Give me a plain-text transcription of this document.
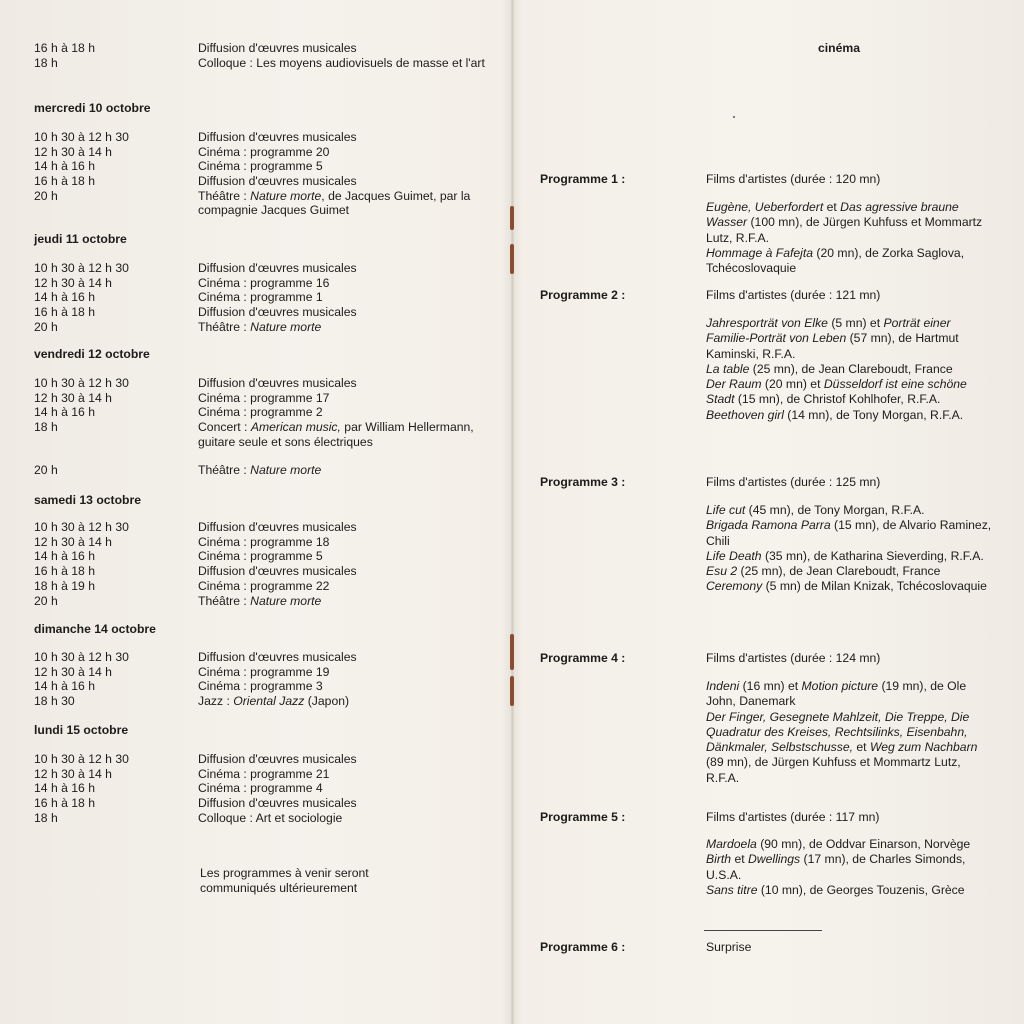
16 h à 18 h	Diffusion d'œuvres musicales
18 h	Colloque : Les moyens audiovisuels de masse et l'art
mercredi 10 octobre
10 h 30 à 12 h 30	Diffusion d'œuvres musicales
12 h 30 à 14 h	Cinéma : programme 20
14 h à 16 h	Cinéma : programme 5
16 h à 18 h	Diffusion d'œuvres musicales
20 h	Théâtre : Nature morte, de Jacques Guimet, par la compagnie Jacques Guimet
jeudi 11 octobre
10 h 30 à 12 h 30	Diffusion d'œuvres musicales
12 h 30 à 14 h	Cinéma : programme 16
14 h à 16 h	Cinéma : programme 1
16 h à 18 h	Diffusion d'œuvres musicales
20 h	Théâtre : Nature morte
vendredi 12 octobre
10 h 30 à 12 h 30	Diffusion d'œuvres musicales
12 h 30 à 14 h	Cinéma : programme 17
14 h à 16 h	Cinéma : programme 2
18 h	Concert : American music, par William Hellermann, guitare seule et sons électriques
20 h	Théâtre : Nature morte
samedi 13 octobre
10 h 30 à 12 h 30	Diffusion d'œuvres musicales
12 h 30 à 14 h	Cinéma : programme 18
14 h à 16 h	Cinéma : programme 5
16 h à 18 h	Diffusion d'œuvres musicales
18 h à 19 h	Cinéma : programme 22
20 h	Théâtre : Nature morte
dimanche 14 octobre
10 h 30 à 12 h 30	Diffusion d'œuvres musicales
12 h 30 à 14 h	Cinéma : programme 19
14 h à 16 h	Cinéma : programme 3
18 h 30	Jazz : Oriental Jazz (Japon)
lundi 15 octobre
10 h 30 à 12 h 30	Diffusion d'œuvres musicales
12 h 30 à 14 h	Cinéma : programme 21
14 h à 16 h	Cinéma : programme 4
16 h à 18 h	Diffusion d'œuvres musicales
18 h	Colloque : Art et sociologie
Les programmes à venir seront communiqués ultérieurement
cinéma
Programme 1 :	Films d'artistes (durée : 120 mn)
Eugène, Ueberfordert et Das agressive braune Wasser (100 mn), de Jürgen Kuhfuss et Mommartz Lutz, R.F.A.
Hommage à Fafejta (20 mn), de Zorka Saglova, Tchécoslovaquie
Programme 2 :	Films d'artistes (durée : 121 mn)
Jahresporträt von Elke (5 mn) et Porträt einer Familie-Porträt von Leben (57 mn), de Hartmut Kaminski, R.F.A.
La table (25 mn), de Jean Clareboudt, France
Der Raum (20 mn) et Düsseldorf ist eine schöne Stadt (15 mn), de Christof Kohlhofer, R.F.A.
Beethoven girl (14 mn), de Tony Morgan, R.F.A.
Programme 3 :	Films d'artistes (durée : 125 mn)
Life cut (45 mn), de Tony Morgan, R.F.A.
Brigada Ramona Parra (15 mn), de Alvario Raminez, Chili
Life Death (35 mn), de Katharina Sieverding, R.F.A.
Esu 2 (25 mn), de Jean Clareboudt, France
Ceremony (5 mn) de Milan Knizak, Tchécoslovaquie
Programme 4 :	Films d'artistes (durée : 124 mn)
Indeni (16 mn) et Motion picture (19 mn), de Ole John, Danemark
Der Finger, Gesegnete Mahlzeit, Die Treppe, Die Quadratur des Kreises, Rechtsilinks, Eisenbahn, Dänkmaler, Selbstschusse, et Weg zum Nachbarn (89 mn), de Jürgen Kuhfuss et Mommartz Lutz, R.F.A.
Programme 5 :	Films d'artistes (durée : 117 mn)
Mardoela (90 mn), de Oddvar Einarson, Norvège
Birth et Dwellings (17 mn), de Charles Simonds, U.S.A.
Sans titre (10 mn), de Georges Touzenis, Grèce
Programme 6 :	Surprise
